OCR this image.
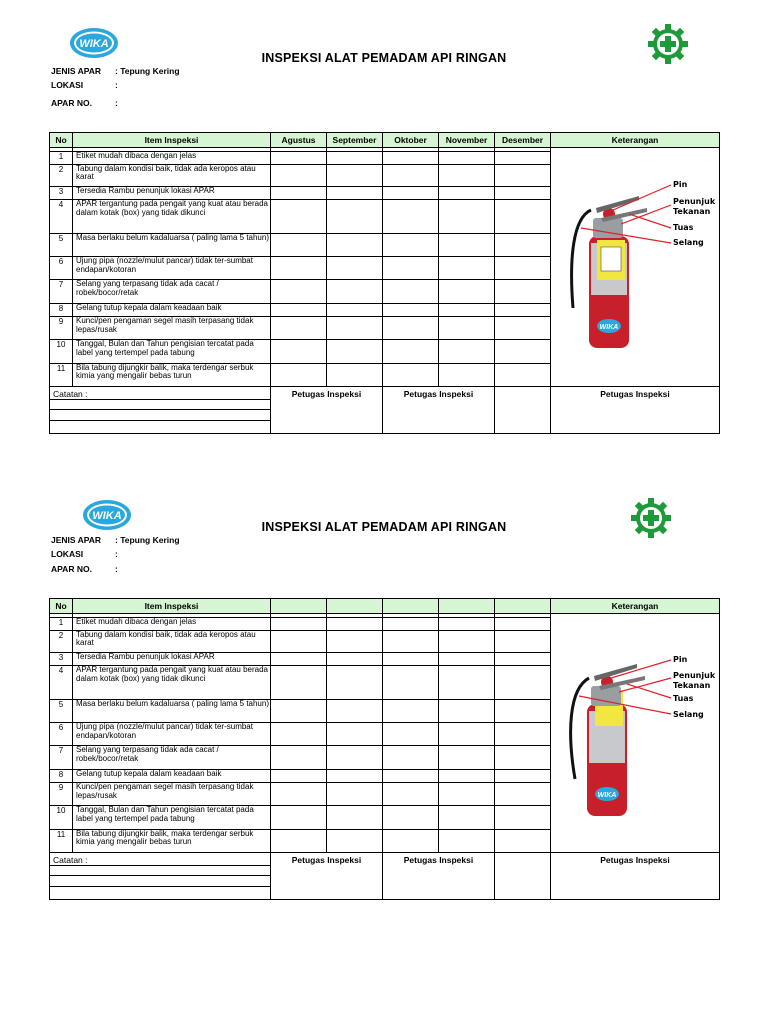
WIKA
INSPEKSI ALAT PEMADAM API RINGAN
JENIS APAR : Tepung Kering
LOKASI	:
APAR NO.	:
No	Item Inspeksi	Agustus	September	Oktober	November	Desember	Keterangan

WIKA
Pin
Penunjuk Tekanan
Tuas
Selang

1	Etiket mudah dibaca dengan jelas						
2	Tabung dalam kondisi baik, tidak ada keropos atau karat						
3	Tersedia Rambu penunjuk lokasi APAR						
4	APAR tergantung pada pengait yang kuat atau berada dalam kotak (box) yang tidak dikunci						
5	Masa berlaku belum kadaluarsa ( paling lama 5 tahun)						
6	Ujung pipa (nozzle/mulut pancar) tidak ter-sumbat endapan/kotoran						
7	Selang yang terpasang tidak ada cacat / robek/bocor/retak						
8	Gelang tutup kepala dalam keadaan baik						
9	Kunci/pen pengaman segel masih terpasang tidak lepas/rusak						
10	Tanggal, Bulan dan Tahun pengisian tercatat pada label yang tertempel pada tabung						
11	Bila tabung dijungkir balik, maka terdengar serbuk kimia yang mengalir bebas turun						

Catatan :		Petugas Inspeksi		Petugas Inspeksi			Petugas Inspeksi
WIKA
INSPEKSI ALAT PEMADAM API RINGAN
JENIS APAR : Tepung Kering
LOKASI	:
APAR NO.	:
No	Item Inspeksi						Keterangan

WIKA
Pin
Penunjuk Tekanan
Tuas
Selang

1	Etiket mudah dibaca dengan jelas						
2	Tabung dalam kondisi baik, tidak ada keropos atau karat						
3	Tersedia Rambu penunjuk lokasi APAR						
4	APAR tergantung pada pengait yang kuat atau berada dalam kotak (box) yang tidak dikunci						
5	Masa berlaku belum kadaluarsa ( paling lama 5 tahun)						
6	Ujung pipa (nozzle/mulut pancar) tidak ter-sumbat endapan/kotoran						
7	Selang yang terpasang tidak ada cacat / robek/bocor/retak						
8	Gelang tutup kepala dalam keadaan baik						
9	Kunci/pen pengaman segel masih terpasang tidak lepas/rusak						
10	Tanggal, Bulan dan Tahun pengisian tercatat pada label yang tertempel pada tabung						
11	Bila tabung dijungkir balik, maka terdengar serbuk kimia yang mengalir bebas turun						

Catatan :		Petugas Inspeksi		Petugas Inspeksi			Petugas Inspeksi
